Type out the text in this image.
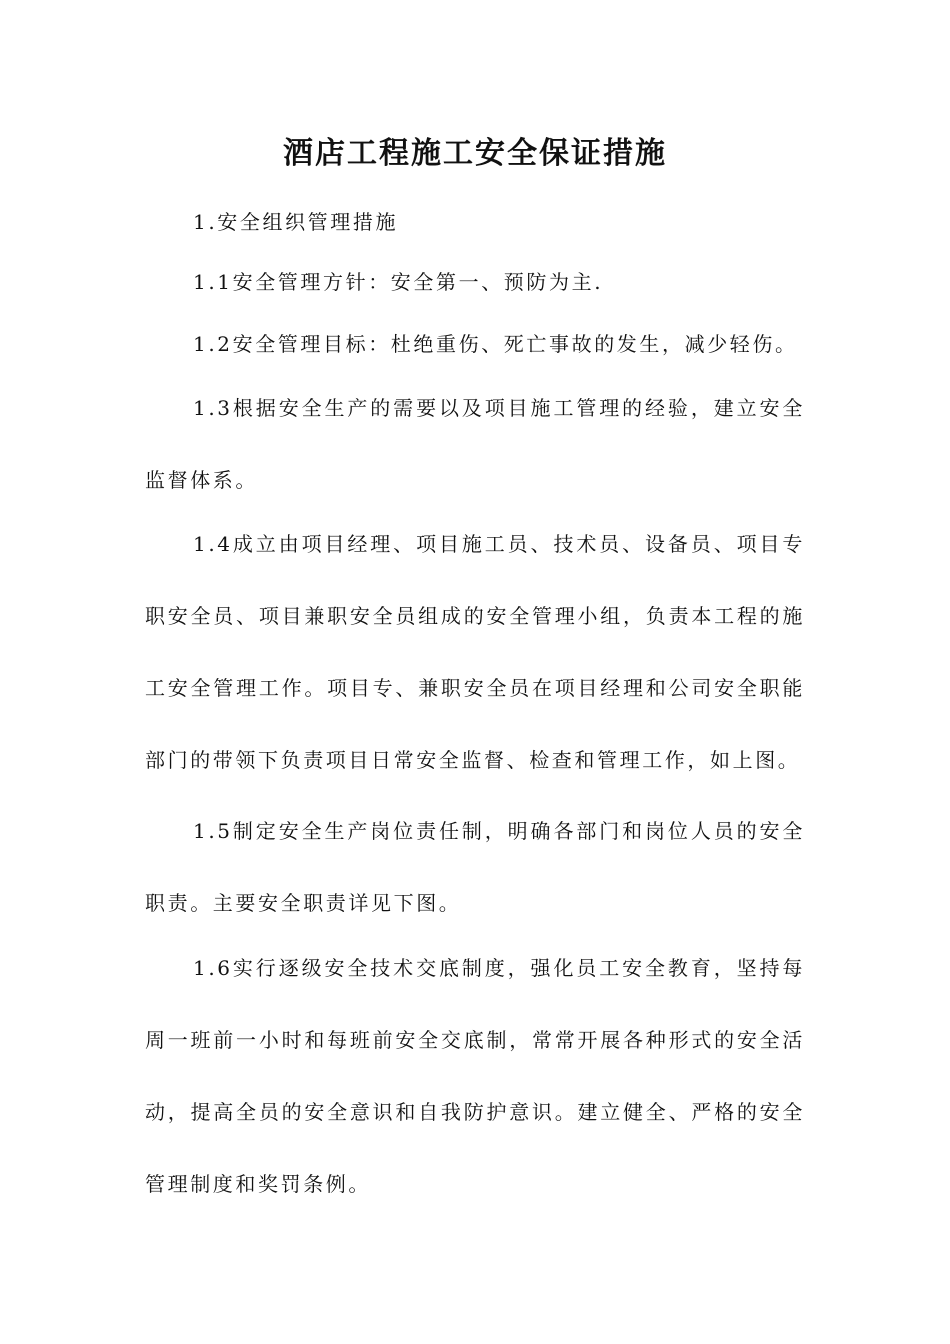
酒店工程施工安全保证措施

1.安全组织管理措施

1.1安全管理方针：安全第一、预防为主.

1.2安全管理目标：杜绝重伤、死亡事故的发生，减少轻伤。

1.3根据安全生产的需要以及项目施工管理的经验，建立安全监督体系。

1.4成立由项目经理、项目施工员、技术员、设备员、项目专职安全员、项目兼职安全员组成的安全管理小组，负责本工程的施工安全管理工作。项目专、兼职安全员在项目经理和公司安全职能部门的带领下负责项目日常安全监督、检查和管理工作，如上图。

1.5制定安全生产岗位责任制，明确各部门和岗位人员的安全职责。主要安全职责详见下图。

1.6实行逐级安全技术交底制度，强化员工安全教育，坚持每周一班前一小时和每班前安全交底制，常常开展各种形式的安全活动，提高全员的安全意识和自我防护意识。建立健全、严格的安全管理制度和奖罚条例。
